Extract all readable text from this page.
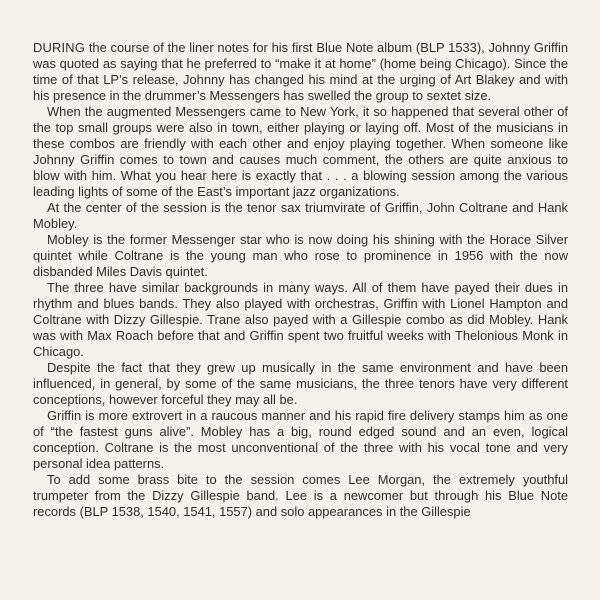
DURING the course of the liner notes for his first Blue Note album (BLP 1533), Johnny Griffin was quoted as saying that he preferred to “make it at home” (home being Chicago). Since the time of that LP’s release, Johnny has changed his mind at the urging of Art Blakey and with his presence in the drummer’s Messengers has swelled the group to sextet size.

When the augmented Messengers came to New York, it so happened that several other of the top small groups were also in town, either playing or laying off. Most of the musicians in these combos are friendly with each other and enjoy playing together. When someone like Johnny Griffin comes to town and causes much comment, the others are quite anxious to blow with him. What you hear here is exactly that . . . a blowing session among the various leading lights of some of the East’s important jazz organizations.

At the center of the session is the tenor sax triumvirate of Griffin, John Coltrane and Hank Mobley.

Mobley is the former Messenger star who is now doing his shining with the Horace Silver quintet while Coltrane is the young man who rose to prominence in 1956 with the now disbanded Miles Davis quintet.

The three have similar backgrounds in many ways. All of them have payed their dues in rhythm and blues bands. They also played with orchestras, Griffin with Lionel Hampton and Coltrane with Dizzy Gillespie. Trane also payed with a Gillespie combo as did Mobley. Hank was with Max Roach before that and Griffin spent two fruitful weeks with Thelonious Monk in Chicago.

Despite the fact that they grew up musically in the same environment and have been influenced, in general, by some of the same musicians, the three tenors have very different conceptions, however forceful they may all be.

Griffin is more extrovert in a raucous manner and his rapid fire delivery stamps him as one of “the fastest guns alive”. Mobley has a big, round edged sound and an even, logical conception. Coltrane is the most unconventional of the three with his vocal tone and very personal idea patterns.

To add some brass bite to the session comes Lee Morgan, the extremely youthful trumpeter from the Dizzy Gillespie band. Lee is a newcomer but through his Blue Note records (BLP 1538, 1540, 1541, 1557) and solo appearances in the Gillespie
